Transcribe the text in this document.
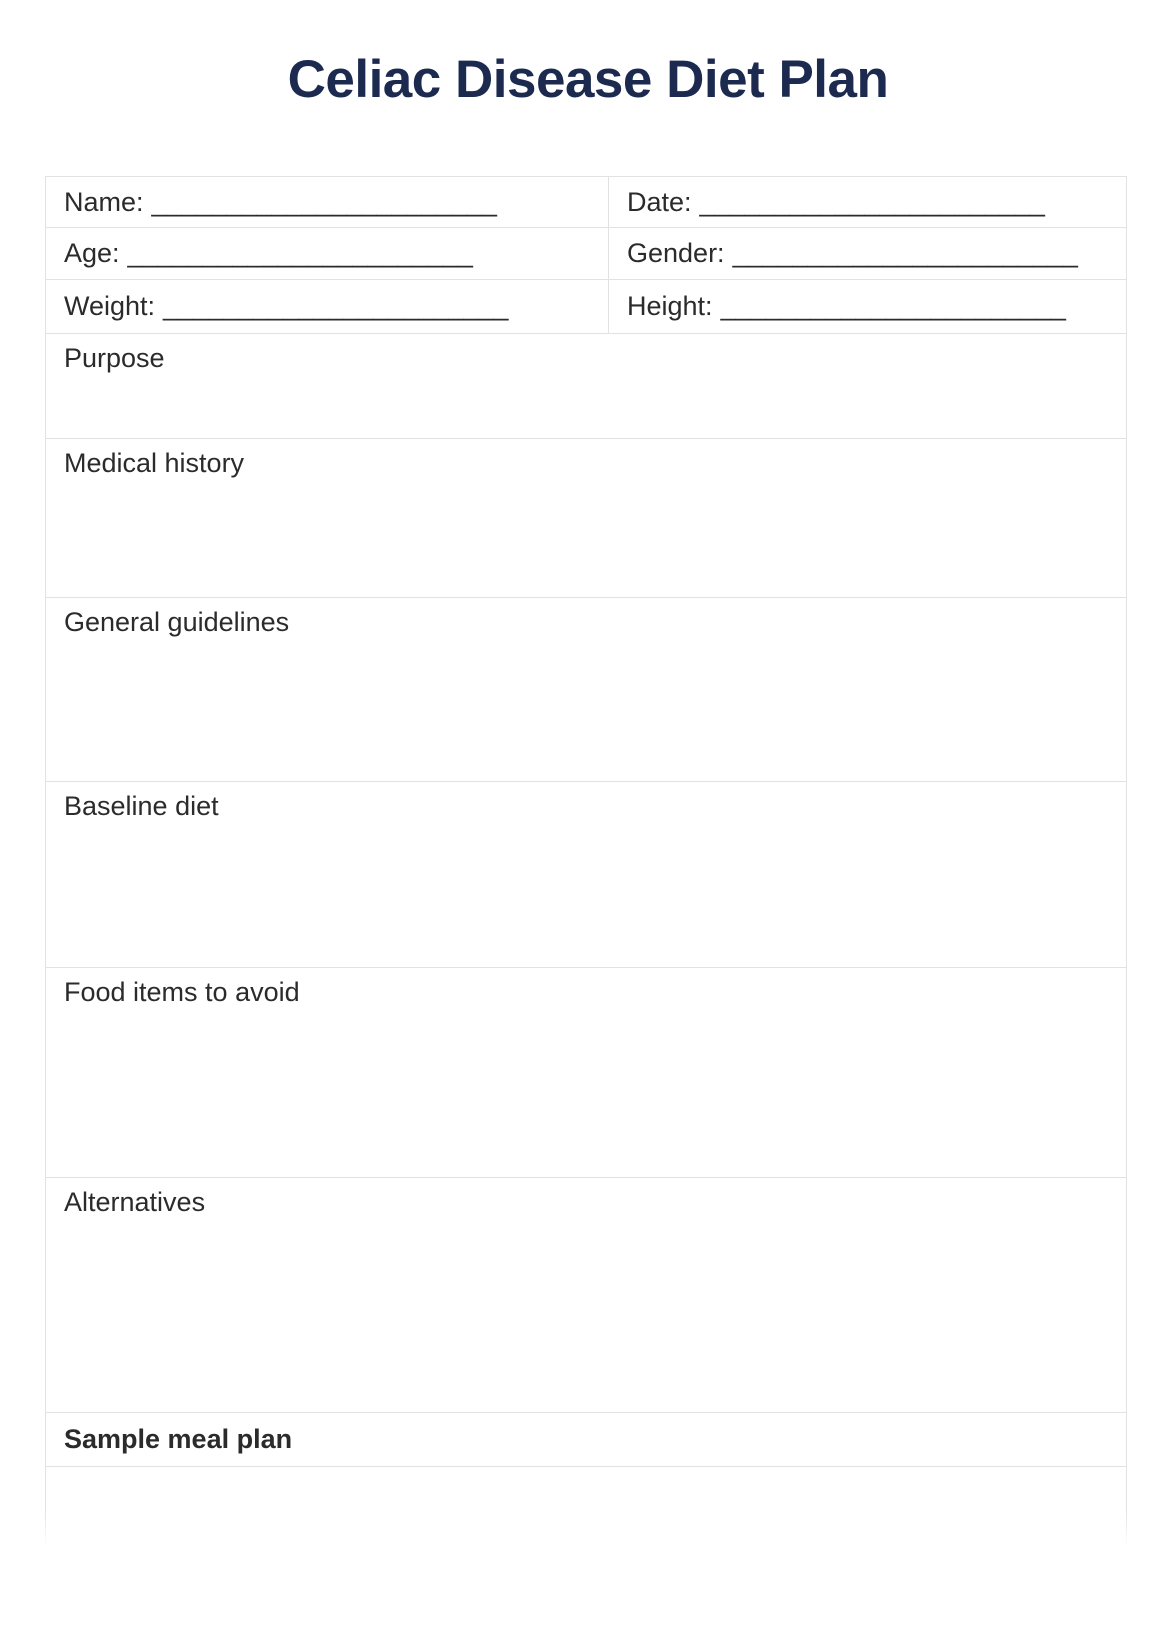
Celiac Disease Diet Plan
Name: _______________________	Date: _______________________
Age: _______________________	Gender: _______________________
Weight: _______________________	Height: _______________________
Purpose
Medical history
General guidelines
Baseline diet
Food items to avoid
Alternatives
Sample meal plan
